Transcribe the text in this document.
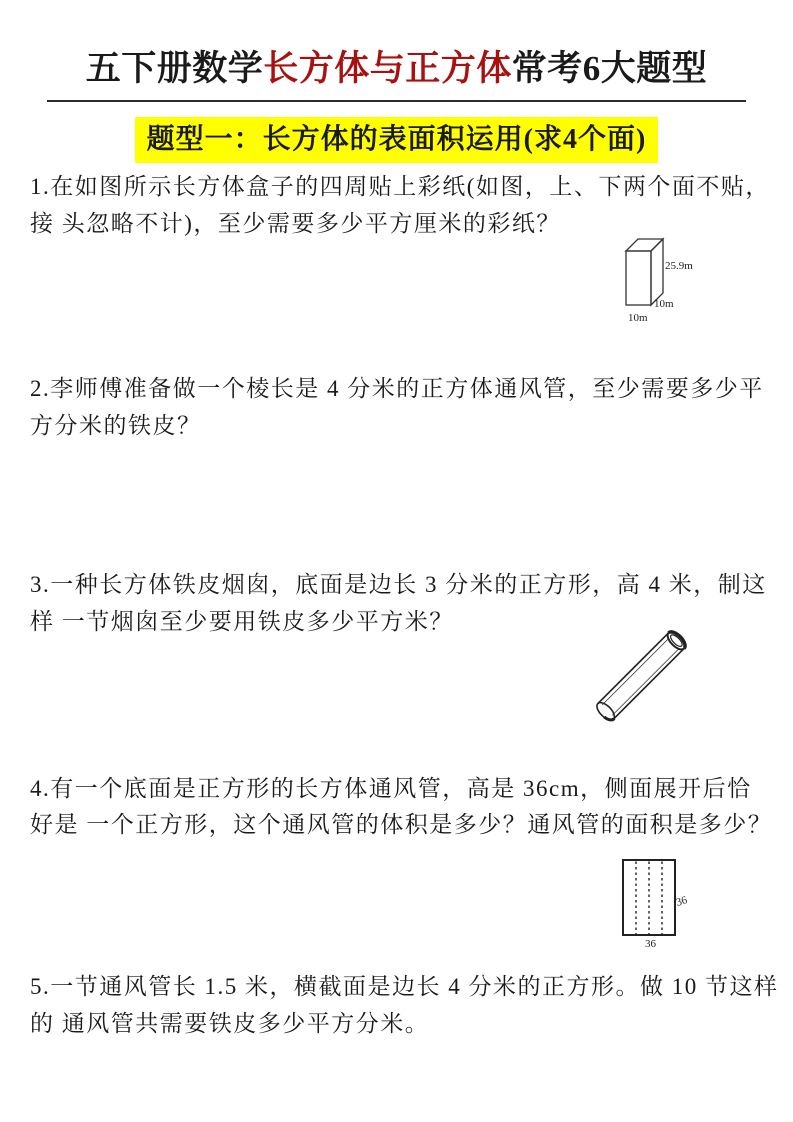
五下册数学长方体与正方体常考6大题型
题型一：长方体的表面积运用(求4个面)
1.在如图所示长方体盒子的四周贴上彩纸(如图，上、下两个面不贴，
接 头忽略不计)，至少需要多少平方厘米的彩纸？
25.9m
10m
10m
2.李师傅准备做一个棱长是 4 分米的正方体通风管，至少需要多少平
方分米的铁皮？
3.一种长方体铁皮烟囱，底面是边长 3 分米的正方形，高 4 米，制这
样 一节烟囱至少要用铁皮多少平方米？
4.有一个底面是正方形的长方体通风管，高是 36cm，侧面展开后恰
好是 一个正方形，这个通风管的体积是多少？通风管的面积是多少？
36
36
5.一节通风管长 1.5 米，横截面是边长 4 分米的正方形。做 10 节这样
的 通风管共需要铁皮多少平方分米。
